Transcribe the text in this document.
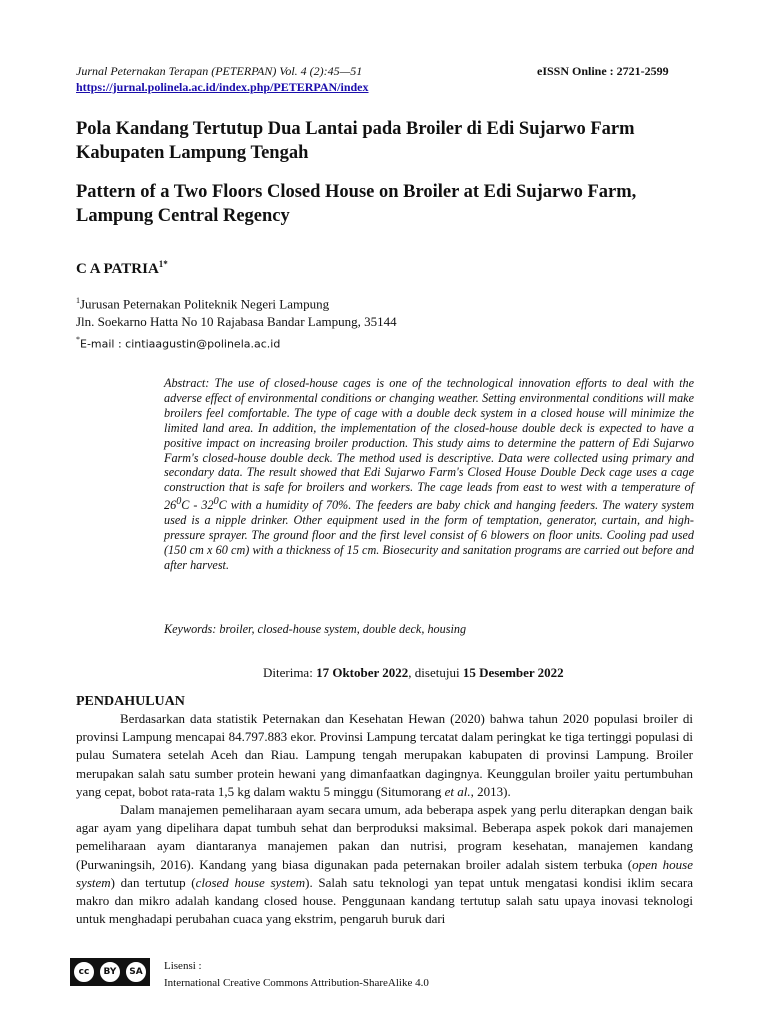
Jurnal Peternakan Terapan (PETERPAN) Vol. 4 (2):45—51	eISSN Online : 2721-2599
https://jurnal.polinela.ac.id/index.php/PETERPAN/index
Pola Kandang Tertutup Dua Lantai pada Broiler di Edi Sujarwo Farm Kabupaten Lampung Tengah
Pattern of a Two Floors Closed House on Broiler at Edi Sujarwo Farm, Lampung Central Regency
C A $PATRIA^{1*}$
$^1$Jurusan Peternakan Politeknik Negeri Lampung
Jln. Soekarno Hatta No 10 Rajabasa Bandar Lampung, 35144
*E-mail : cintiaagustin@polinela.ac.id

Abstract: The use of closed-house cages is one of the technological innovation efforts to deal with the adverse effect of environmental conditions or changing weather. Setting environmental conditions will make broilers feel comfortable. The type of cage with a double deck system in a closed house will minimize the limited land area. In addition, the implementation of the closed-house double deck is expected to have a positive impact on increasing broiler production. This study aims to determine the pattern of Edi Sujarwo Farm's closed-house double deck. The method used is descriptive. Data were collected using primary and secondary data. The result showed that Edi Sujarwo Farm's Closed House Double Deck cage uses a cage construction that is safe for broilers and workers. The cage leads from east to west with a temperature of $26^0C - 32^0C$ with a humidity of 70%. The feeders are baby chick and hanging feeders. The watery system used is a nipple drinker. Other equipment used in the form of temptation, generator, curtain, and high-pressure sprayer. The ground floor and the first level consist of 6 blowers on floor units. Cooling pad used (150 cm x 60 cm) with a thickness of 15 cm. Biosecurity and sanitation programs are carried out before and after harvest.

Keywords: broiler, closed-house system, double deck, housing
Diterima: 17 Oktober 2022, disetujui 15 Desember 2022
PENDAHULUAN

Berdasarkan data statistik Peternakan dan Kesehatan Hewan (2020) bahwa tahun 2020 populasi broiler di provinsi Lampung mencapai 84.797.883 ekor. Provinsi Lampung tercatat dalam peringkat ke tiga tertinggi populasi di pulau Sumatera setelah Aceh dan Riau. Lampung tengah merupakan kabupaten di provinsi Lampung. Broiler merupakan salah satu sumber protein hewani yang dimanfaatkan dagingnya. Keunggulan broiler yaitu pertumbuhan yang cepat, bobot rata-rata 1,5 kg dalam waktu 5 minggu (Situmorang et al., 2013).

Dalam manajemen pemeliharaan ayam secara umum, ada beberapa aspek yang perlu diterapkan dengan baik agar ayam yang dipelihara dapat tumbuh sehat dan berproduksi maksimal. Beberapa aspek pokok dari manajemen pemeliharaan ayam diantaranya manajemen pakan dan nutrisi, program kesehatan, manajemen kandang (Purwaningsih, 2016). Kandang yang biasa digunakan pada peternakan broiler adalah sistem terbuka (open house system) dan tertutup (closed house system). Salah satu teknologi yan tepat untuk mengatasi kondisi iklim secara makro dan mikro adalah kandang closed house. Penggunaan kandang tertutup salah satu upaya inovasi teknologi untuk menghadapi perubahan cuaca yang ekstrim, pengaruh buruk dari

cc	BY	SA	Lisensi :
International Creative Commons Attribution-ShareAlike 4.0
